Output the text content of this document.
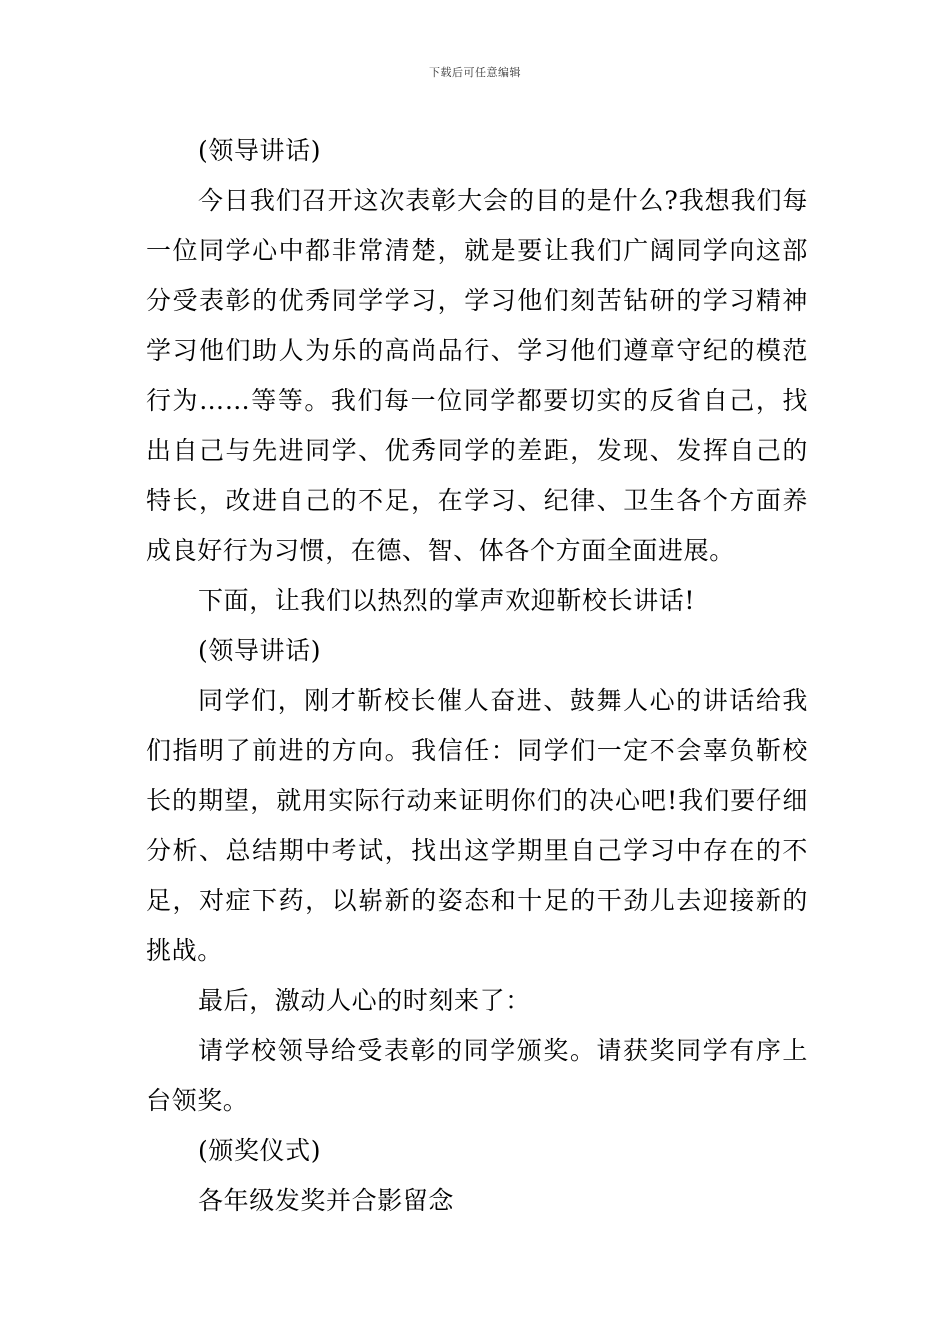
下载后可任意编辑

(领导讲话)

今日我们召开这次表彰大会的目的是什么?我想我们每一位同学心中都非常清楚，就是要让我们广阔同学向这部分受表彰的优秀同学学习，学习他们刻苦钻研的学习精神学习他们助人为乐的高尚品行、学习他们遵章守纪的模范行为……等等。我们每一位同学都要切实的反省自己，找出自己与先进同学、优秀同学的差距，发现、发挥自己的特长，改进自己的不足，在学习、纪律、卫生各个方面养成良好行为习惯，在德、智、体各个方面全面进展。

下面，让我们以热烈的掌声欢迎靳校长讲话!

(领导讲话)

同学们，刚才靳校长催人奋进、鼓舞人心的讲话给我们指明了前进的方向。我信任：同学们一定不会辜负靳校长的期望，就用实际行动来证明你们的决心吧!我们要仔细分析、总结期中考试，找出这学期里自己学习中存在的不足，对症下药，以崭新的姿态和十足的干劲儿去迎接新的挑战。

最后，激动人心的时刻来了：

请学校领导给受表彰的同学颁奖。请获奖同学有序上台领奖。

(颁奖仪式)

各年级发奖并合影留念
